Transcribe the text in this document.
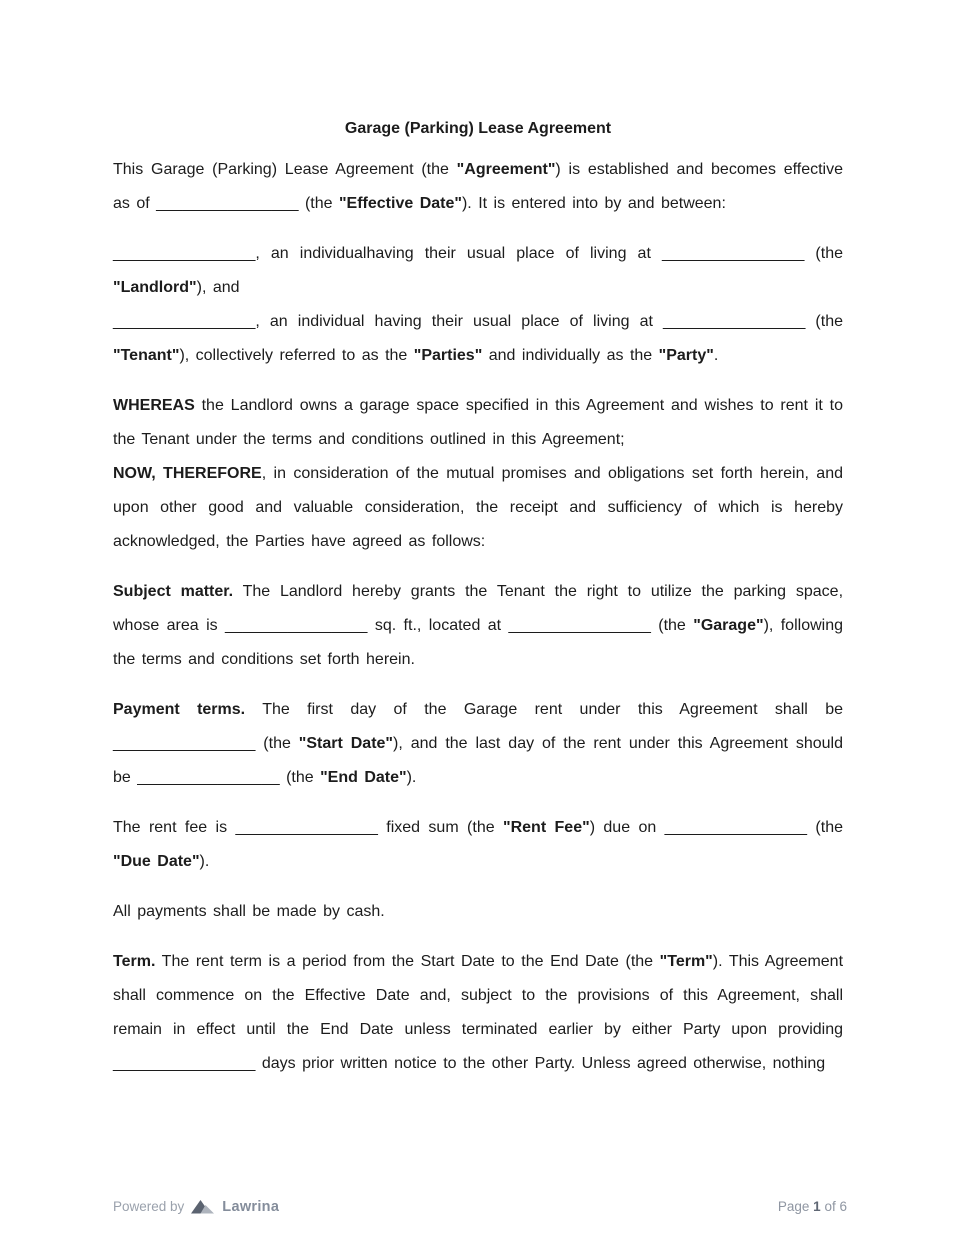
Garage (Parking) Lease Agreement
This Garage (Parking) Lease Agreement (the "Agreement") is established and becomes effective as of ________________ (the "Effective Date"). It is entered into by and between:
________________, an individualhaving their usual place of living at ________________ (the "Landlord"), and
________________, an individual having their usual place of living at ________________ (the "Tenant"), collectively referred to as the "Parties" and individually as the "Party".
WHEREAS the Landlord owns a garage space specified in this Agreement and wishes to rent it to the Tenant under the terms and conditions outlined in this Agreement;
NOW, THEREFORE, in consideration of the mutual promises and obligations set forth herein, and upon other good and valuable consideration, the receipt and sufficiency of which is hereby acknowledged, the Parties have agreed as follows:
Subject matter. The Landlord hereby grants the Tenant the right to utilize the parking space, whose area is ________________ sq. ft., located at ________________ (the "Garage"), following the terms and conditions set forth herein.
Payment terms. The first day of the Garage rent under this Agreement shall be ________________ (the "Start Date"), and the last day of the rent under this Agreement should be ________________ (the "End Date").
The rent fee is ________________ fixed sum (the "Rent Fee") due on ________________ (the "Due Date").
All payments shall be made by cash.
Term. The rent term is a period from the Start Date to the End Date (the "Term"). This Agreement shall commence on the Effective Date and, subject to the provisions of this Agreement, shall remain in effect until the End Date unless terminated earlier by either Party upon providing ________________ days prior written notice to the other Party. Unless agreed otherwise, nothing
Powered by	Lawrina	Page 1 of 6
